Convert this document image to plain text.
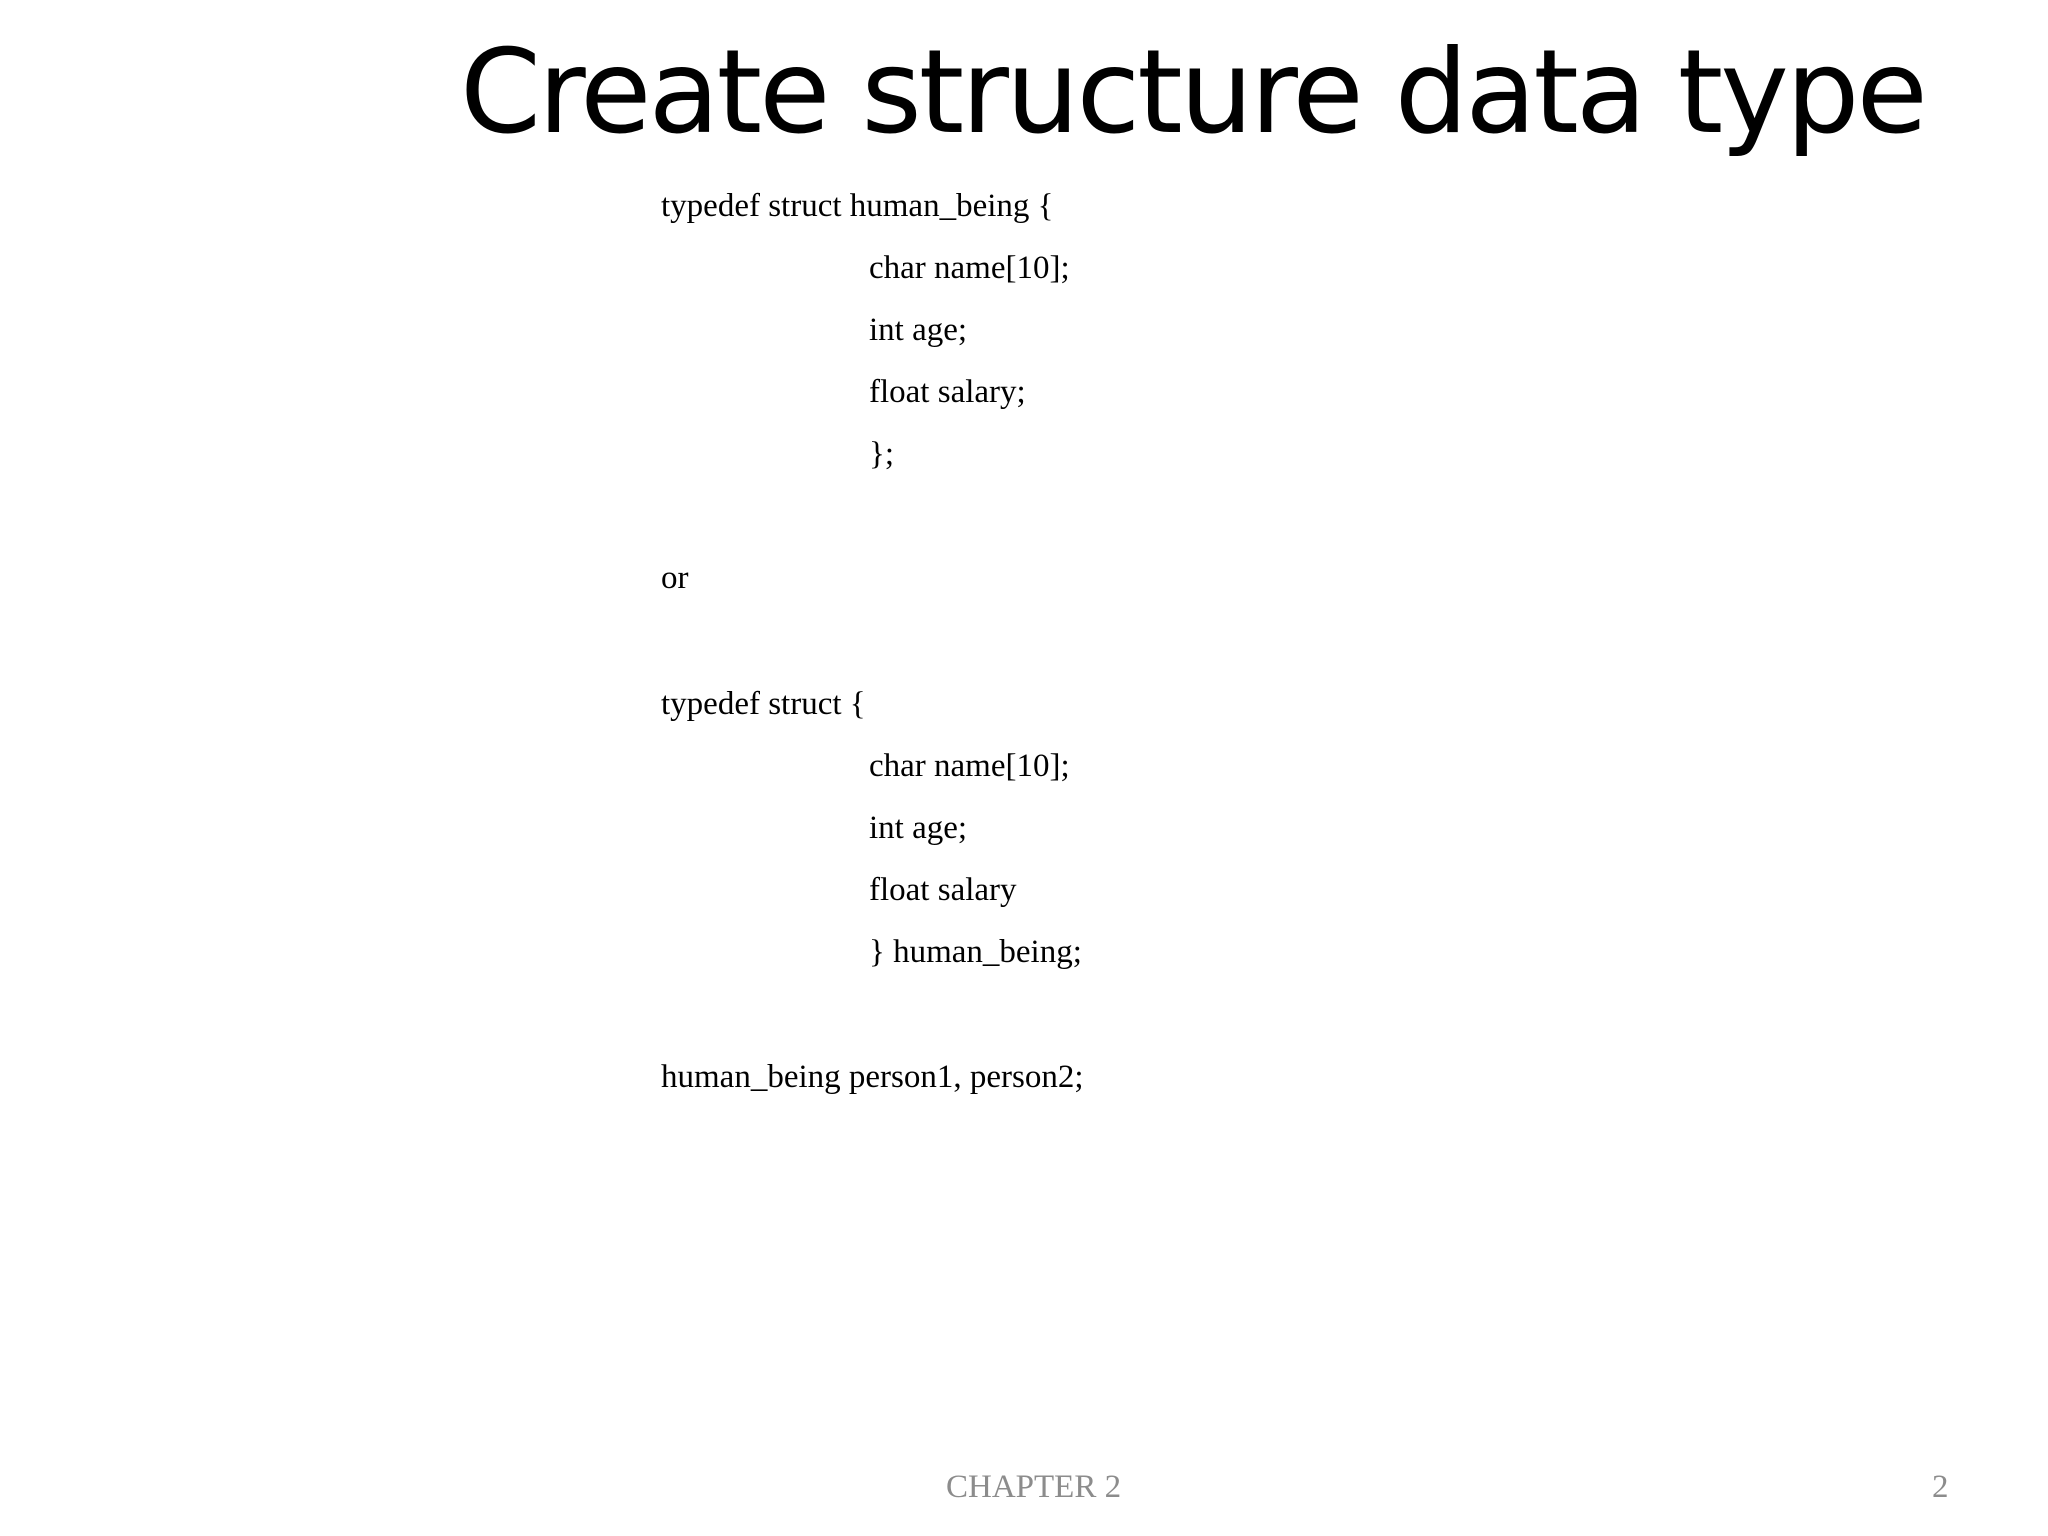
Create structure data type
typedef struct human_being {
char name[10];
int age;
float salary;
};
or
typedef struct {
char name[10];
int age;
float salary
} human_being;
human_being person1, person2;
CHAPTER 2	2
